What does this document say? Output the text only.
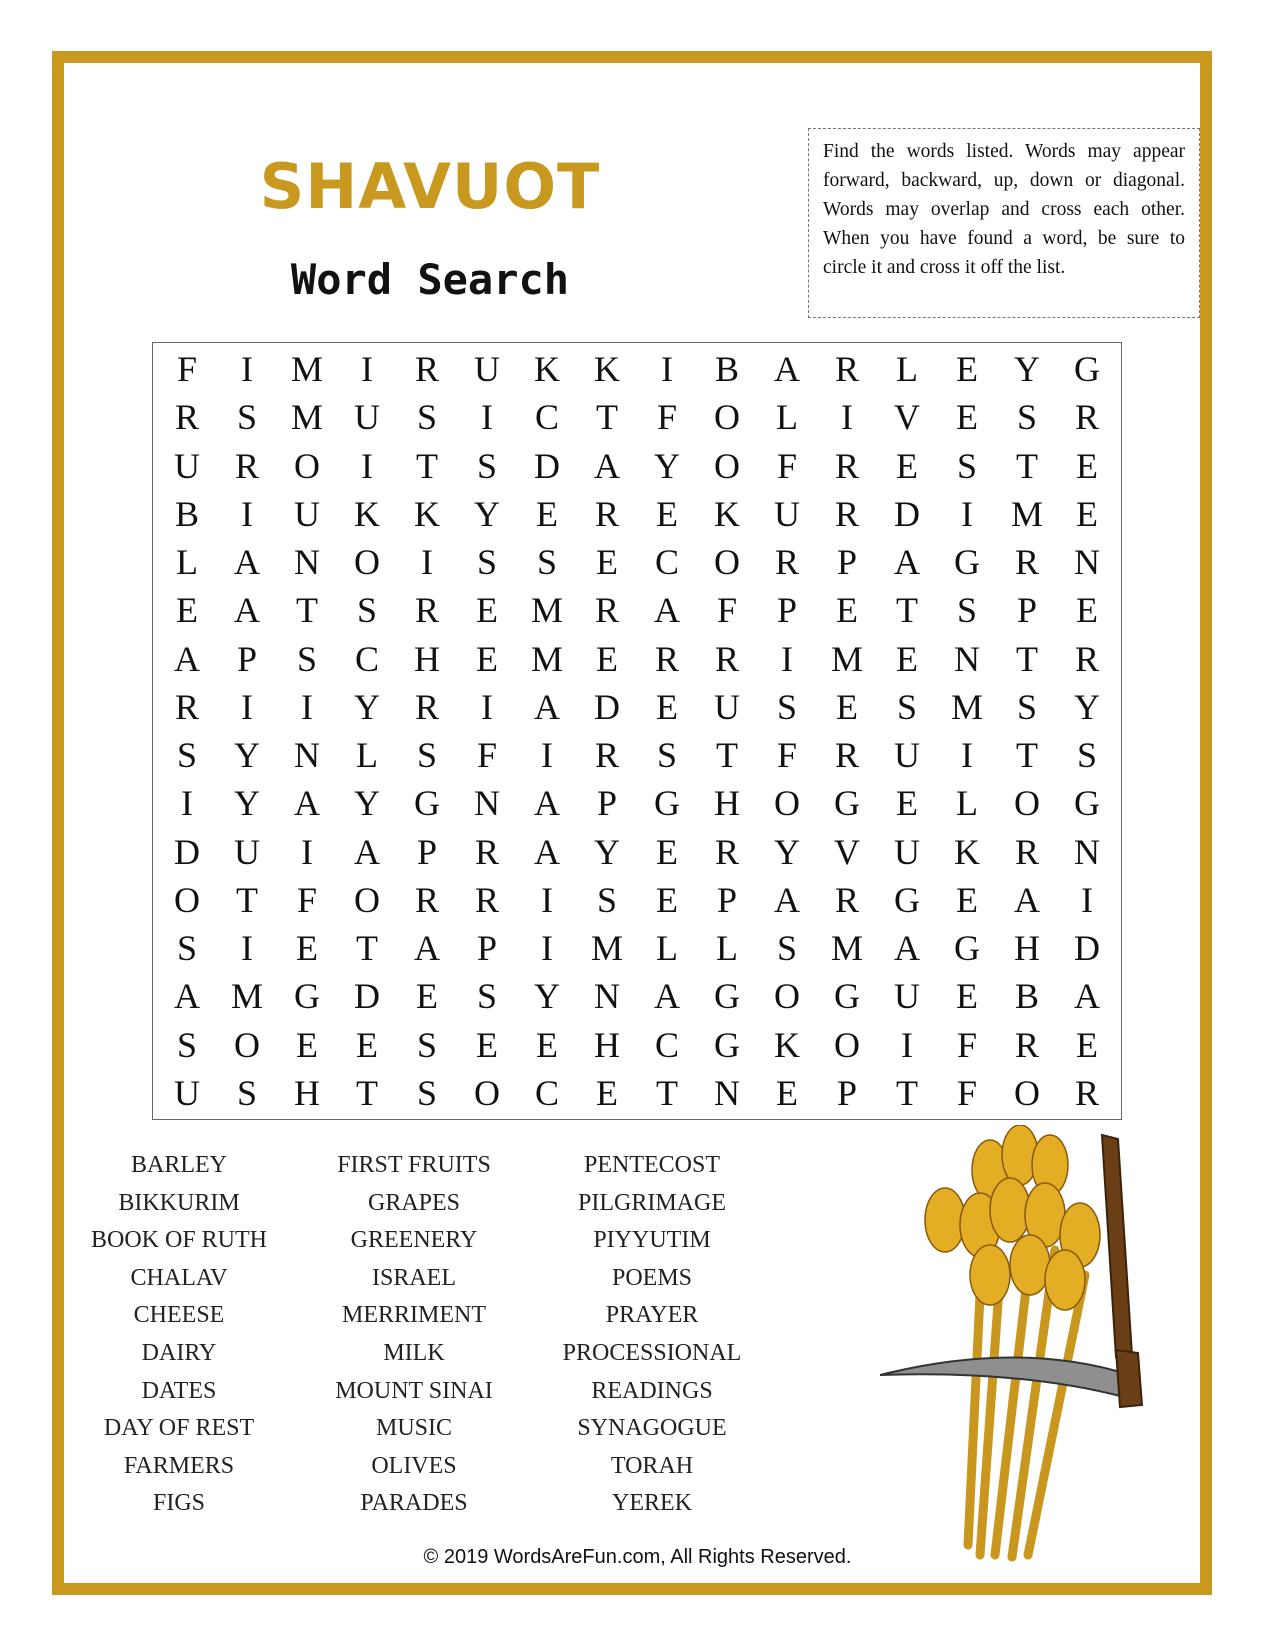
SHAVUOT
Word Search
Find the words listed. Words may appear forward, backward, up, down or diagonal. Words may overlap and cross each other. When you have found a word, be sure to circle it and cross it off the list.
F	I	M	I	R U K K	I	B A R	L	E	Y G
R	S M U	S	I	C	T	F	O	L	I	V	E	S	R
U R O	I	T	S	D A Y O	F	R	E	S	T	E
B	I	U K K Y	E	R	E	K U R D	I	M E
L	A N O	I	S	S	E	C O R	P	A G R N
E	A	T	S	R	E M R A	F	P	E	T	S	P	E
A	P	S	C H	E M E	R R	I	M E	N	T	R
R	I	I	Y R	I	A D	E	U	S	E	S M S	Y
S	Y N	L	S	F	I	R	S	T	F	R U	I	T	S
I	Y A Y G N A	P	G H O G	E	L	O G
D U	I	A	P	R A Y	E	R Y V U K R N
O	T	F	O R R	I	S	E	P	A R G	E	A	I
S	I	E	T	A	P	I	M L	L	S M A G H D
A M G D	E	S	Y N A G O G U	E	B A
S	O	E	E	S	E	E	H C G K O	I	F	R	E
U	S	H	T	S	O C	E	T	N	E	P	T	F	O R
BARLEY
BIKKURIM
BOOK OF RUTH
CHALAV
CHEESE
DAIRY
DATES
DAY OF REST
FARMERS
FIGS
FIRST FRUITS
GRAPES
GREENERY
ISRAEL
MERRIMENT
MILK
MOUNT SINAI
MUSIC
OLIVES
PARADES
PENTECOST
PILGRIMAGE
PIYYUTIM
POEMS
PRAYER
PROCESSIONAL
READINGS
SYNAGOGUE
TORAH
YEREK
© 2019 WordsAreFun.com, All Rights Reserved.
